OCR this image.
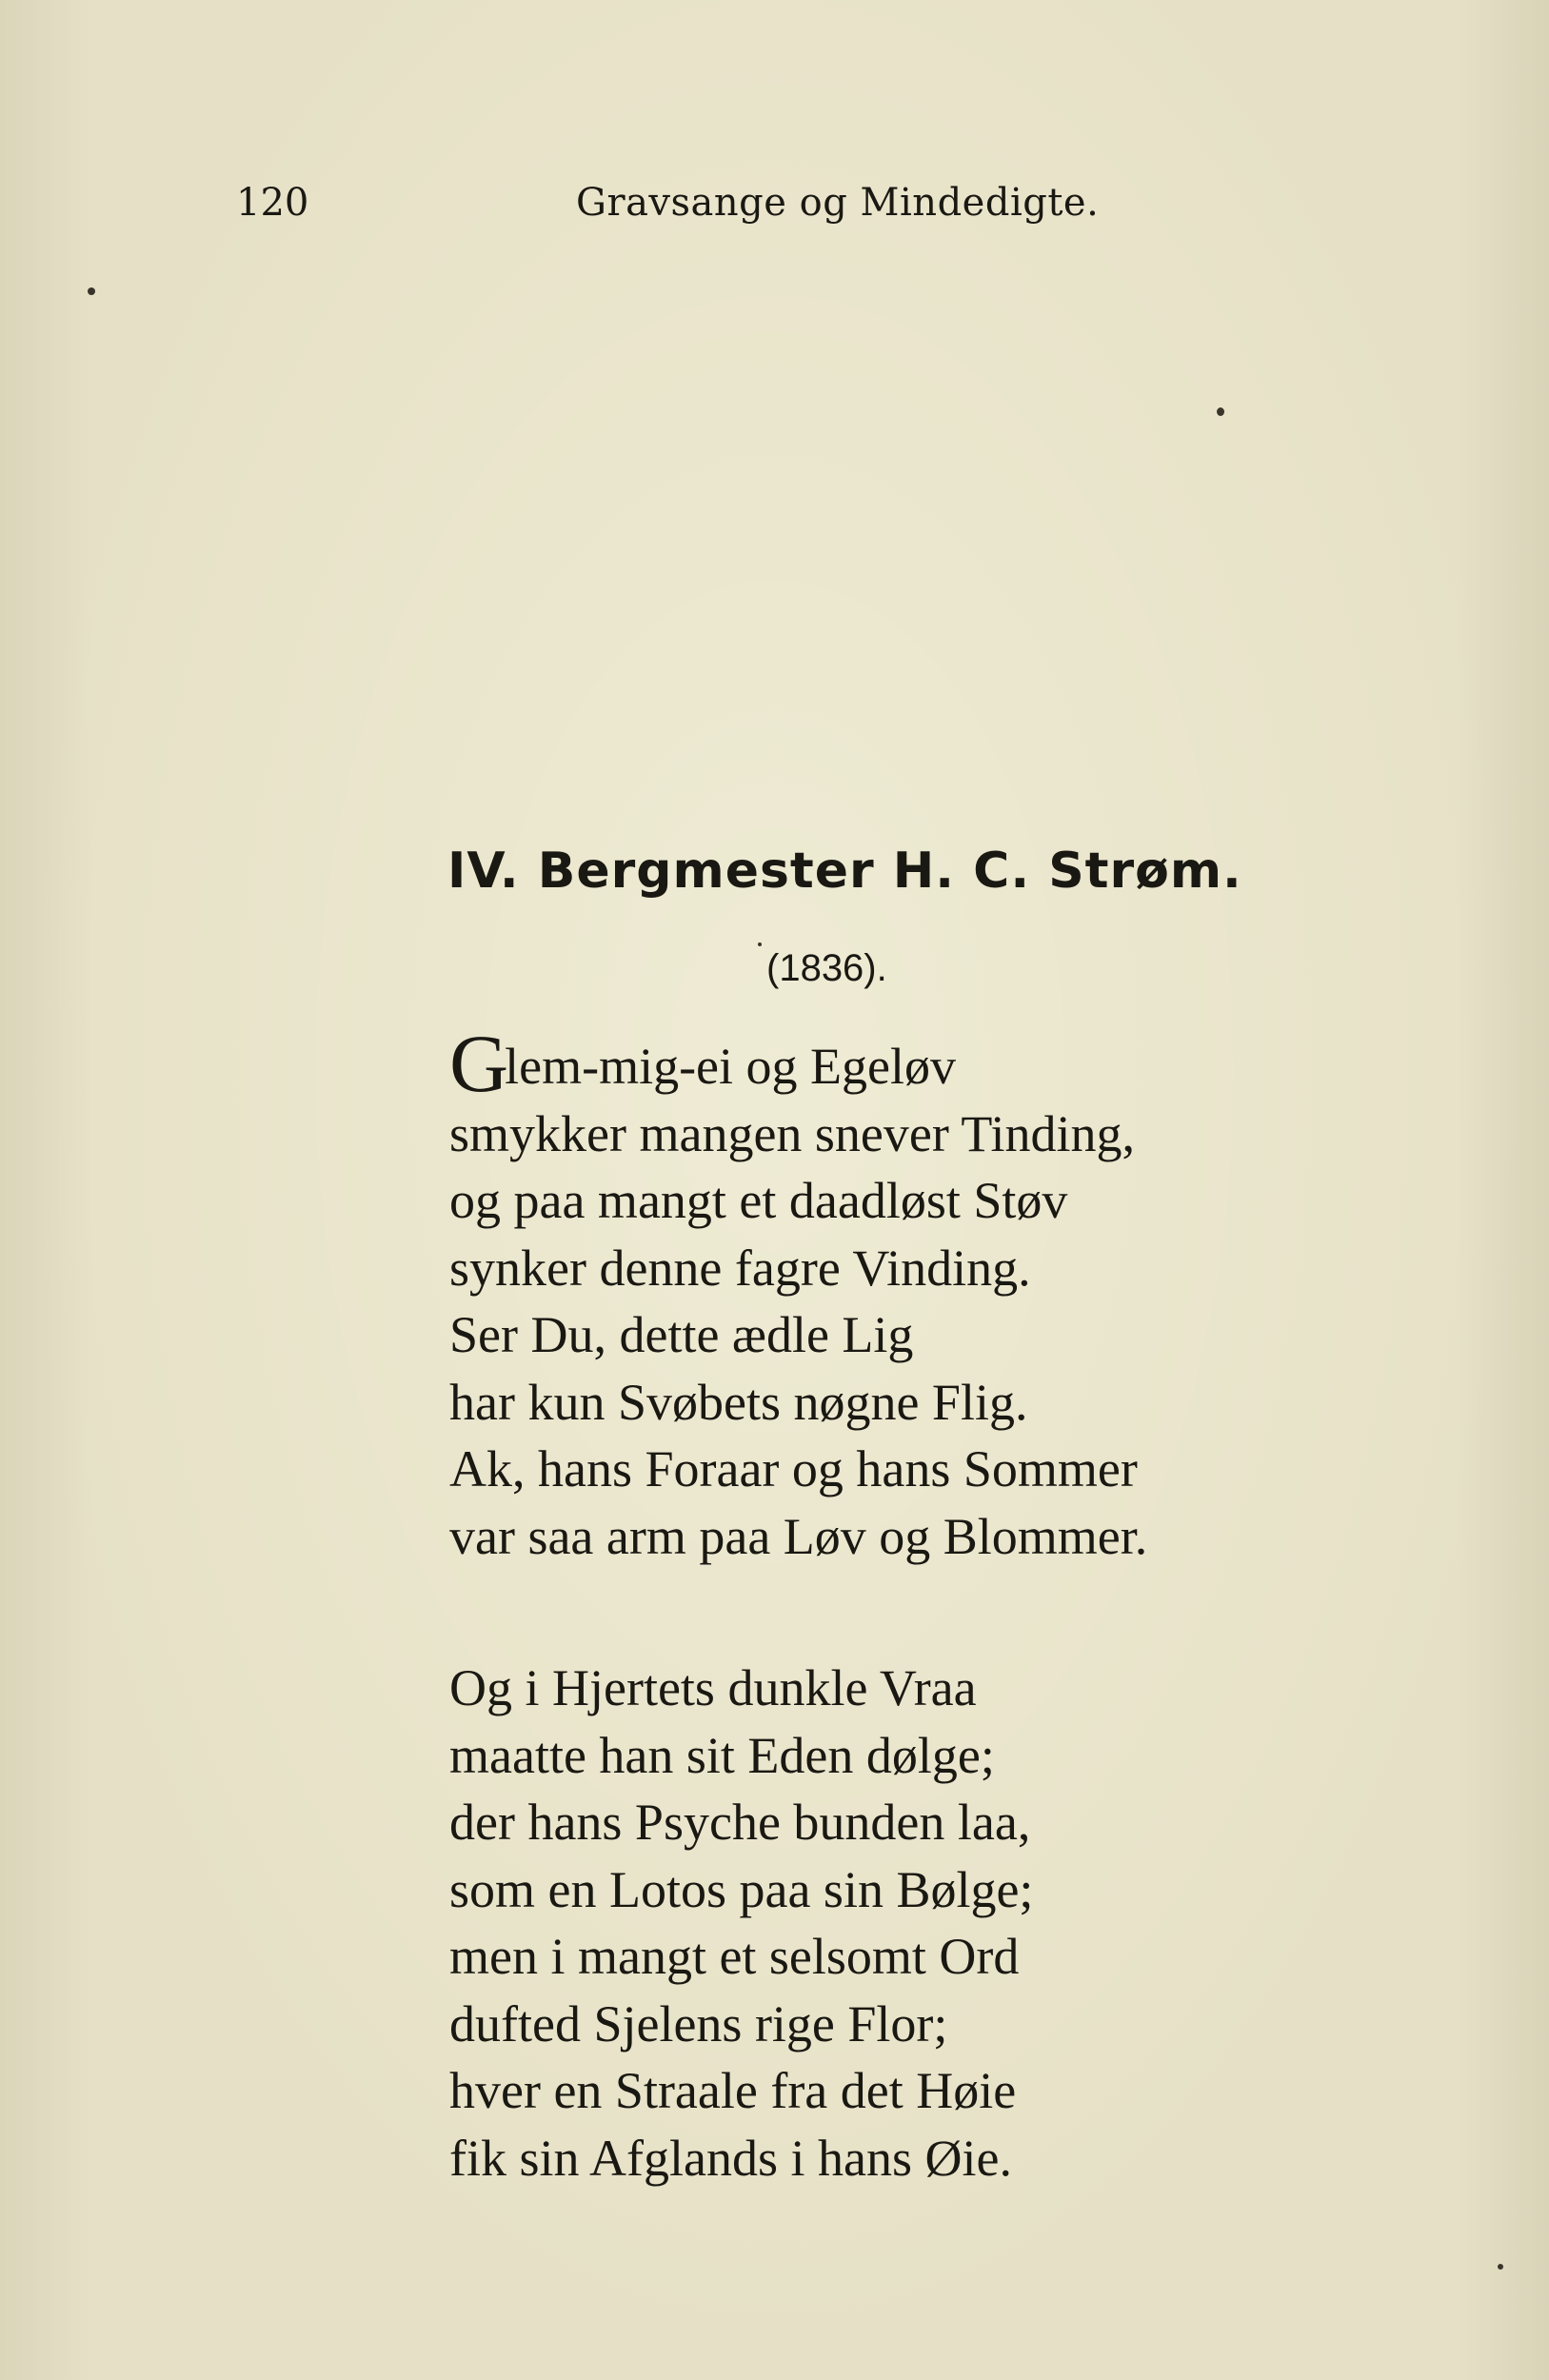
120	Gravsange og Mindedigte.
IV. Bergmester H. C. Strøm.
(1836).
Glem-mig-ei og Egeløv
smykker mangen snever Tinding,
og paa mangt et daadløst Støv
synker denne fagre Vinding.
Ser Du, dette ædle Lig
har kun Svøbets nøgne Flig.
Ak, hans Foraar og hans Sommer
var saa arm paa Løv og Blommer.
Og i Hjertets dunkle Vraa
maatte han sit Eden dølge;
der hans Psyche bunden laa,
som en Lotos paa sin Bølge;
men i mangt et selsomt Ord
dufted Sjelens rige Flor;
hver en Straale fra det Høie
fik sin Afglands i hans Øie.
